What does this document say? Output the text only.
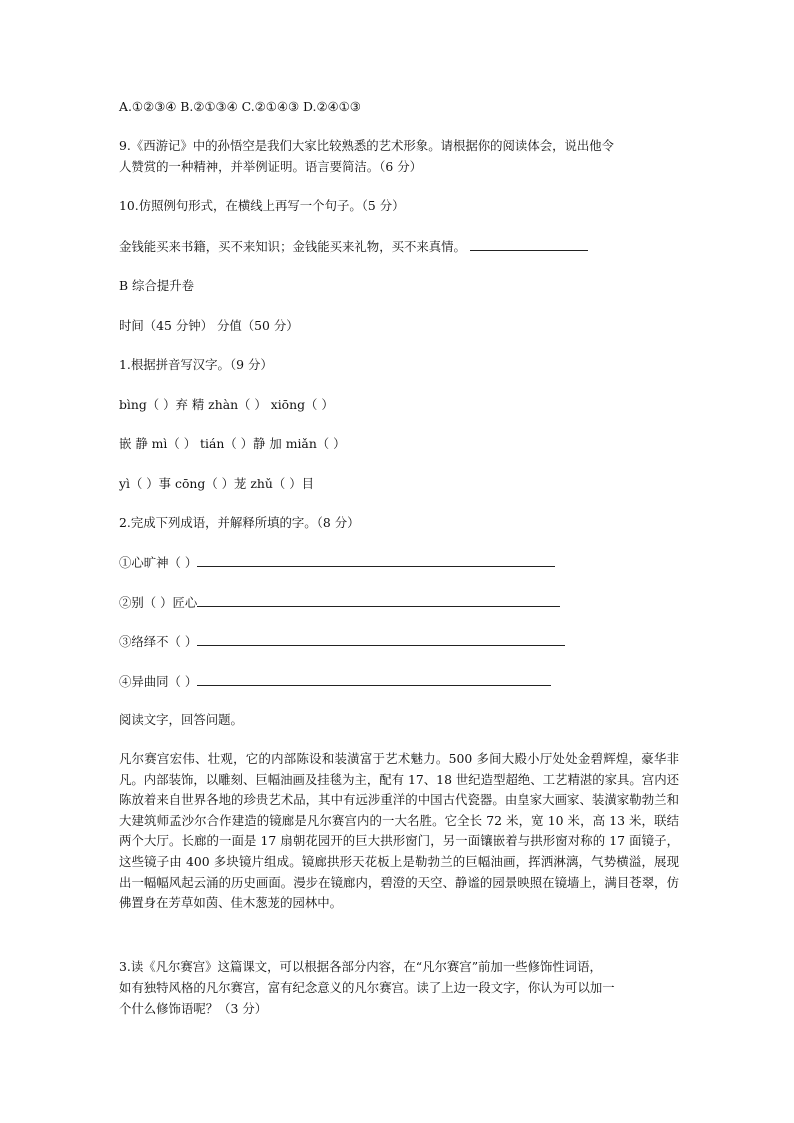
A.①②③④ B.②①③④ C.②①④③ D.②④①③
9.《西游记》中的孙悟空是我们大家比较熟悉的艺术形象。请根据你的阅读体会，说出他令
人赞赏的一种精神，并举例证明。语言要简洁。（6 分）
10.仿照例句形式，在横线上再写一个句子。（5 分）
金钱能买来书籍，买不来知识；金钱能买来礼物，买不来真情。
B 综合提升卷
时间（45 分钟） 分值（50 分）
1.根据拼音写汉字。（9 分）
bìng（ ）弃 精 zhàn（ ） xiōng（ ）
嵌 静 mì（ ） tián（ ）静 加 miǎn（ ）
yì（ ）事 cōng（ ）茏 zhǔ（ ）目
2.完成下列成语，并解释所填的字。（8 分）
①心旷神（ ）
②别（ ）匠心
③络绎不（ ）
④异曲同（ ）
阅读文字，回答问题。
凡尔赛宫宏伟、壮观，它的内部陈设和装潢富于艺术魅力。500 多间大殿小厅处处金碧辉煌，豪华非凡。内部装饰，以雕刻、巨幅油画及挂毯为主，配有 17、18 世纪造型超绝、工艺精湛的家具。宫内还陈放着来自世界各地的珍贵艺术品，其中有远涉重洋的中国古代瓷器。由皇家大画家、装潢家勒勃兰和大建筑师孟沙尔合作建造的镜廊是凡尔赛宫内的一大名胜。它全长 72 米，宽 10 米，高 13 米，联结两个大厅。长廊的一面是 17 扇朝花园开的巨大拱形窗门，另一面镶嵌着与拱形窗对称的 17 面镜子，这些镜子由 400 多块镜片组成。镜廊拱形天花板上是勒勃兰的巨幅油画，挥洒淋漓，气势横溢，展现出一幅幅风起云涌的历史画面。漫步在镜廊内，碧澄的天空、静谧的园景映照在镜墙上，满目苍翠，仿佛置身在芳草如茵、佳木葱茏的园林中。
3.读《凡尔赛宫》这篇课文，可以根据各部分内容，在“凡尔赛宫”前加一些修饰性词语，
如有独特风格的凡尔赛宫，富有纪念意义的凡尔赛宫。读了上边一段文字，你认为可以加一
个什么修饰语呢？（3 分）
